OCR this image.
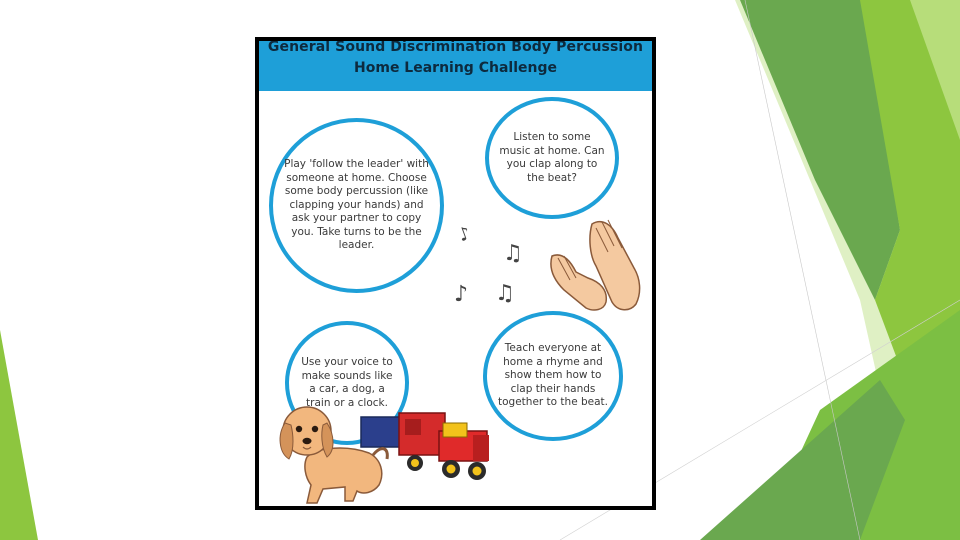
General Sound Discrimination Body Percussion
Home Learning Challenge
Play 'follow the leader' with someone at home. Choose some body percussion (like clapping your hands) and ask your partner to copy you. Take turns to be the leader.
Listen to some music at home. Can you clap along to the beat?
Use your voice to make sounds like a car, a dog, a train or a clock.
Teach everyone at home a rhyme and show them how to clap their hands together to the beat.
♪
♫
♪ ♫
